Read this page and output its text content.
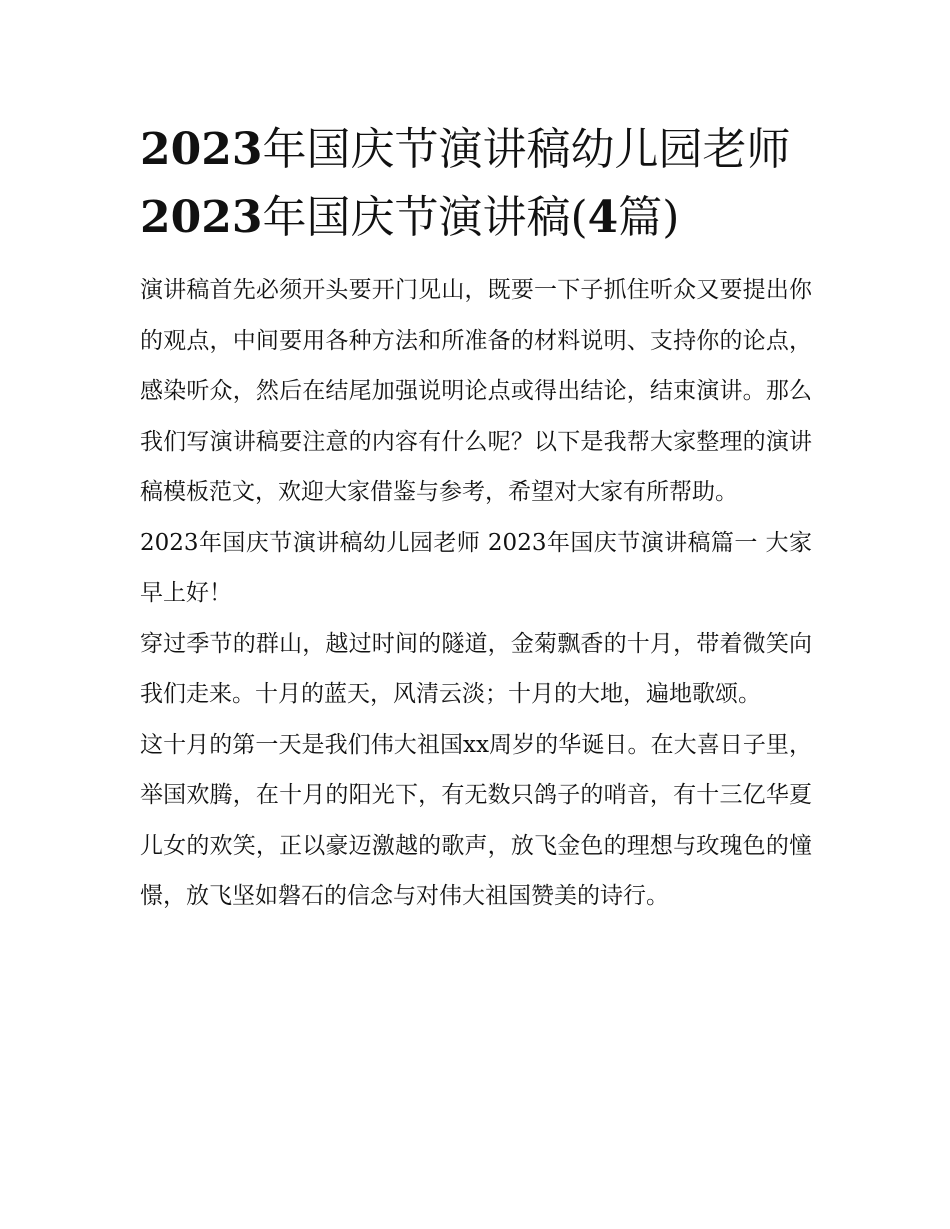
2023年国庆节演讲稿幼儿园老师 2023年国庆节演讲稿(4篇)

演讲稿首先必须开头要开门见山，既要一下子抓住听众又要提出你的观点，中间要用各种方法和所准备的材料说明、支持你的论点，感染听众，然后在结尾加强说明论点或得出结论，结束演讲。那么我们写演讲稿要注意的内容有什么呢？以下是我帮大家整理的演讲稿模板范文，欢迎大家借鉴与参考，希望对大家有所帮助。

2023年国庆节演讲稿幼儿园老师 2023年国庆节演讲稿篇一 大家早上好！

穿过季节的群山，越过时间的隧道，金菊飘香的十月，带着微笑向我们走来。十月的蓝天，风清云淡；十月的大地，遍地歌颂。

这十月的第一天是我们伟大祖国xx周岁的华诞日。在大喜日子里，举国欢腾，在十月的阳光下，有无数只鸽子的哨音，有十三亿华夏儿女的欢笑，正以豪迈激越的歌声，放飞金色的理想与玫瑰色的憧憬，放飞坚如磐石的信念与对伟大祖国赞美的诗行。
